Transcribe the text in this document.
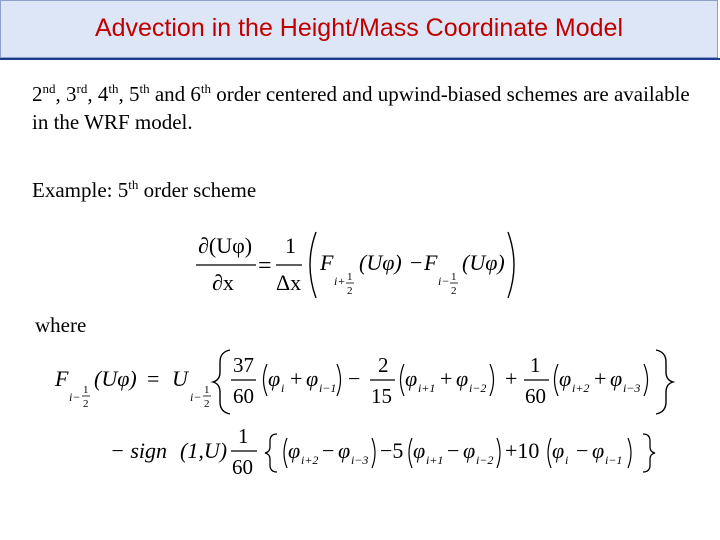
Advection in the Height/Mass Coordinate Model
2nd, 3rd, 4th, 5th and 6th order centered and upwind-biased schemes are available in the WRF model.
Example: 5th order scheme
where
∂(Uφ)
∂x
=
1
Δx
F
i+ 1
2
(Uφ) − F
i− 1
2
(Uφ)
F
i− 1
2
(Uφ) = U
i− 1
2
37
60
φ i + φ i−1 −
2
15
φ i+1 + φ i−2 +
1
60
φ i+2 + φ i−3
− sign (1,U)
1
60
φ i+2 − φ i−3 −5 φ i+1 − φ i−2 +10 φ i − φ i−1
